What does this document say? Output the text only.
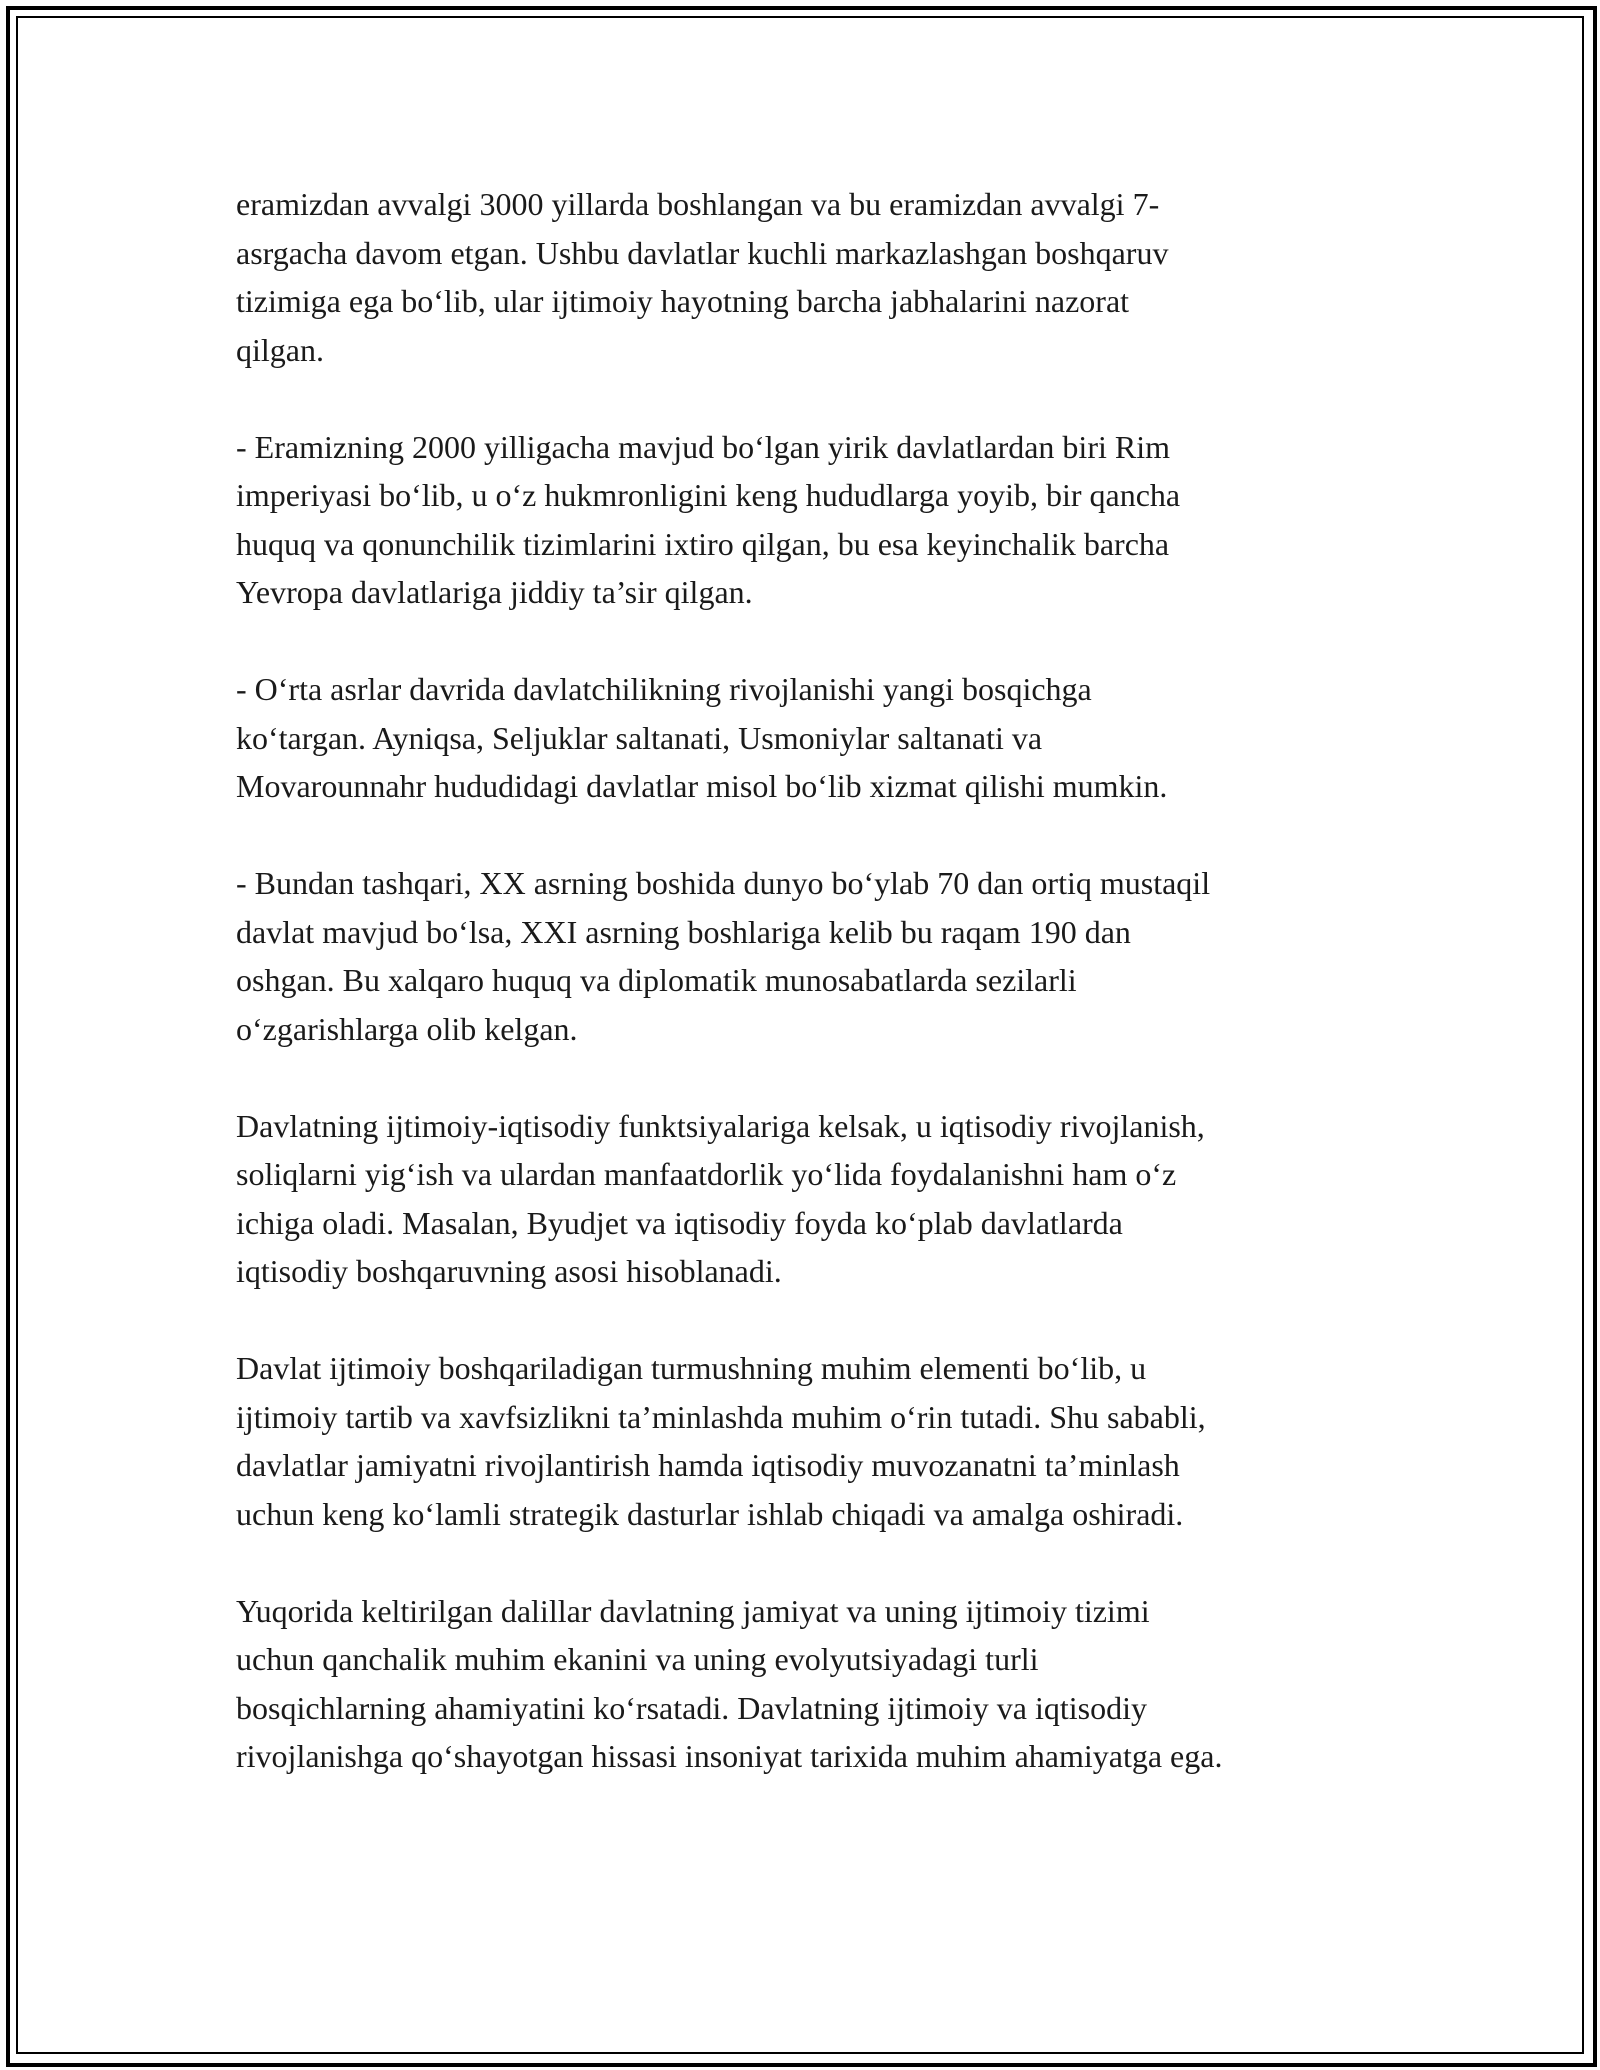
eramizdan avvalgi 3000 yillarda boshlangan va bu eramizdan avvalgi 7-
asrgacha davom etgan. Ushbu davlatlar kuchli markazlashgan boshqaruv
tizimiga ega bo‘lib, ular ijtimoiy hayotning barcha jabhalarini nazorat
qilgan.

- Eramizning 2000 yilligacha mavjud bo‘lgan yirik davlatlardan biri Rim
imperiyasi bo‘lib, u o‘z hukmronligini keng hududlarga yoyib, bir qancha
huquq va qonunchilik tizimlarini ixtiro qilgan, bu esa keyinchalik barcha
Yevropa davlatlariga jiddiy ta’sir qilgan.

- O‘rta asrlar davrida davlatchilikning rivojlanishi yangi bosqichga
ko‘targan. Ayniqsa, Seljuklar saltanati, Usmoniylar saltanati va
Movarounnahr hududidagi davlatlar misol bo‘lib xizmat qilishi mumkin.

- Bundan tashqari, XX asrning boshida dunyo bo‘ylab 70 dan ortiq mustaqil
davlat mavjud bo‘lsa, XXI asrning boshlariga kelib bu raqam 190 dan
oshgan. Bu xalqaro huquq va diplomatik munosabatlarda sezilarli
o‘zgarishlarga olib kelgan.

Davlatning ijtimoiy-iqtisodiy funktsiyalariga kelsak, u iqtisodiy rivojlanish,
soliqlarni yig‘ish va ulardan manfaatdorlik yo‘lida foydalanishni ham o‘z
ichiga oladi. Masalan, Byudjet va iqtisodiy foyda ko‘plab davlatlarda
iqtisodiy boshqaruvning asosi hisoblanadi.

Davlat ijtimoiy boshqariladigan turmushning muhim elementi bo‘lib, u
ijtimoiy tartib va xavfsizlikni ta’minlashda muhim o‘rin tutadi. Shu sababli,
davlatlar jamiyatni rivojlantirish hamda iqtisodiy muvozanatni ta’minlash
uchun keng ko‘lamli strategik dasturlar ishlab chiqadi va amalga oshiradi.

Yuqorida keltirilgan dalillar davlatning jamiyat va uning ijtimoiy tizimi
uchun qanchalik muhim ekanini va uning evolyutsiyadagi turli
bosqichlarning ahamiyatini ko‘rsatadi. Davlatning ijtimoiy va iqtisodiy
rivojlanishga qo‘shayotgan hissasi insoniyat tarixida muhim ahamiyatga ega.
